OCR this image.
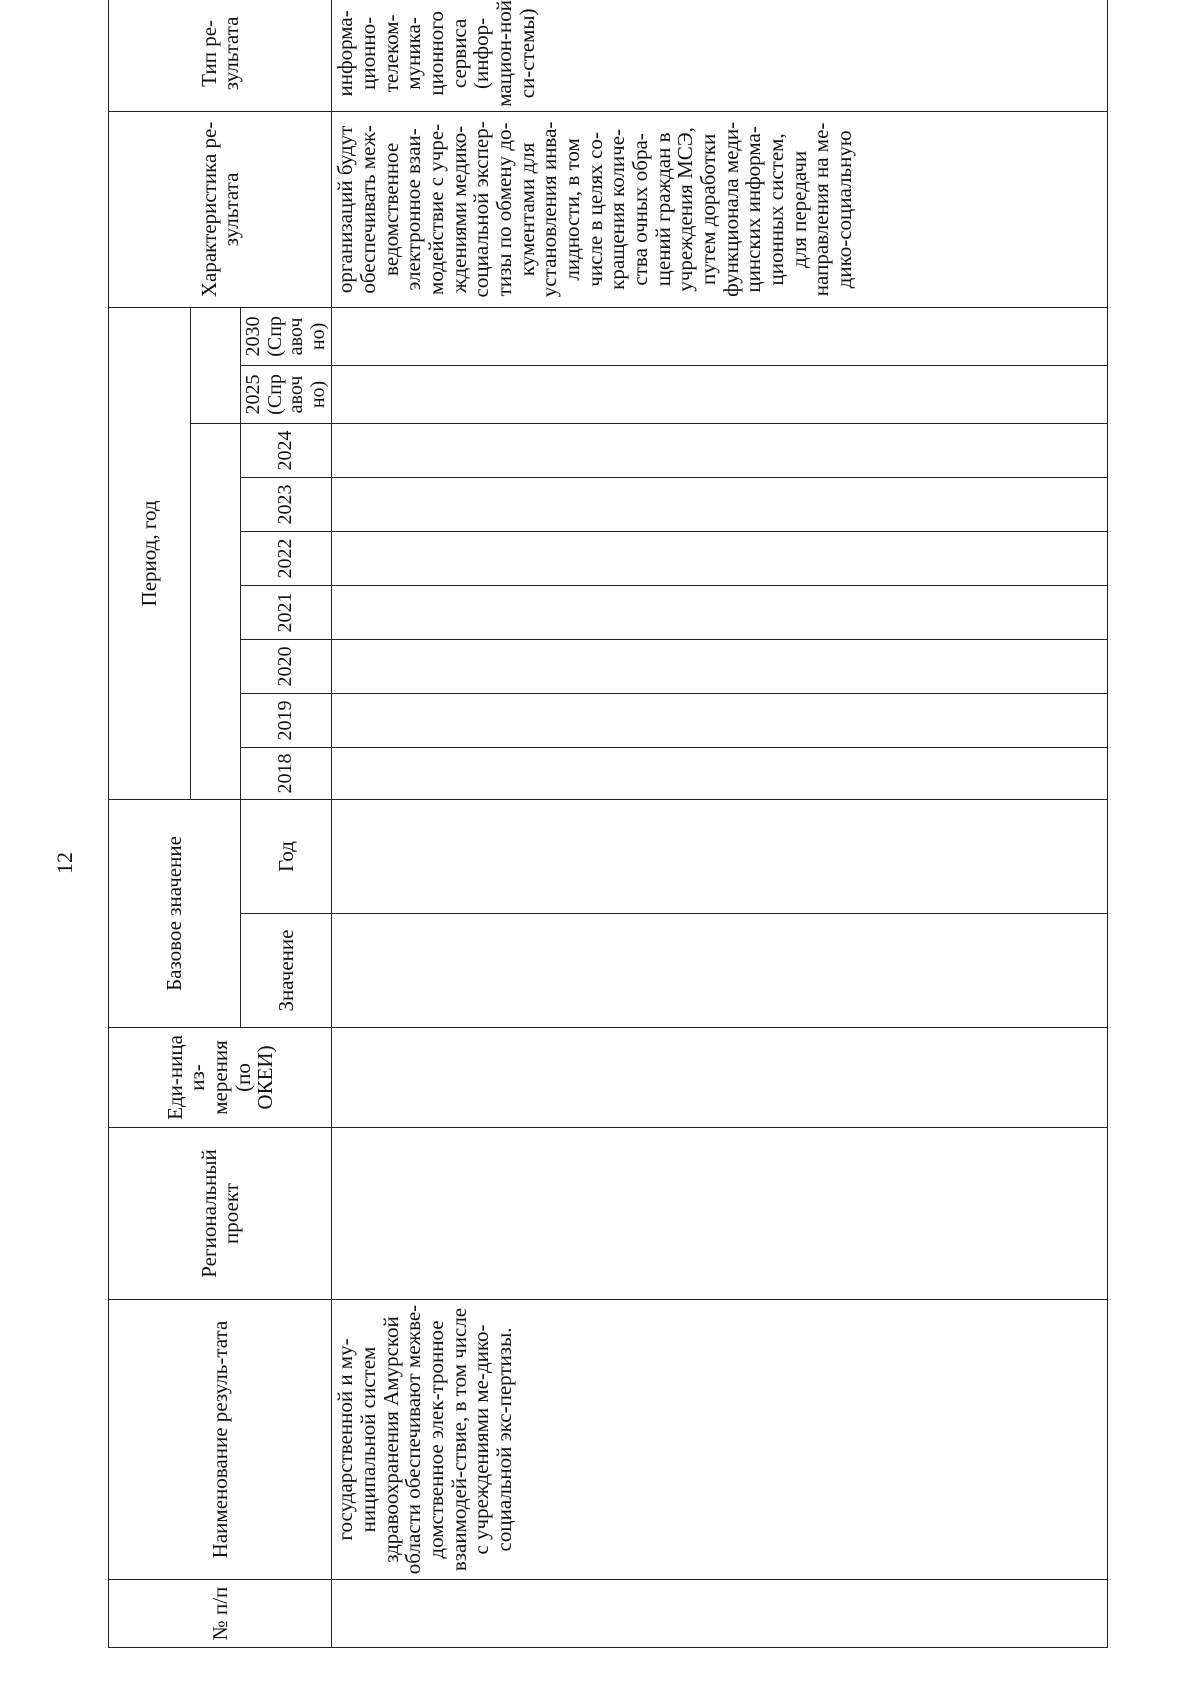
12
№ п/п	Наименование резуль-тата	Региональный проект	Еди-ница из-мерения (по ОКЕИ)	Базовое значение		Период, год									Характеристика ре-зультата	Тип ре-зультата

				Значение	Год	2018	2019	2020	2021	2022	2023	2024	2025 (Спр авоч но)	2030 (Спр авоч но)		
	государственной и му-ниципальной систем здравоохранения Амурской области обеспечивают межве-домственное элек-тронное взаимодей-ствие, в том числе с учреждениями ме-дико-социальной экс-пертизы.														организаций будут обеспечивать меж-ведомственное электронное взаи-модействие с учре-ждениями медико-социальной экспер-тизы по обмену до-кументами для установления инва-лидности, в том числе в целях со-кращения количе-ства очных обра-щений граждан в учреждения МСЭ, путем доработки функционала меди-цинских информа-ционных систем, для передачи направления на ме-дико-социальную	информа-ционно-телеком-муника-ционного сервиса (инфор-мацион-ной си-стемы)
